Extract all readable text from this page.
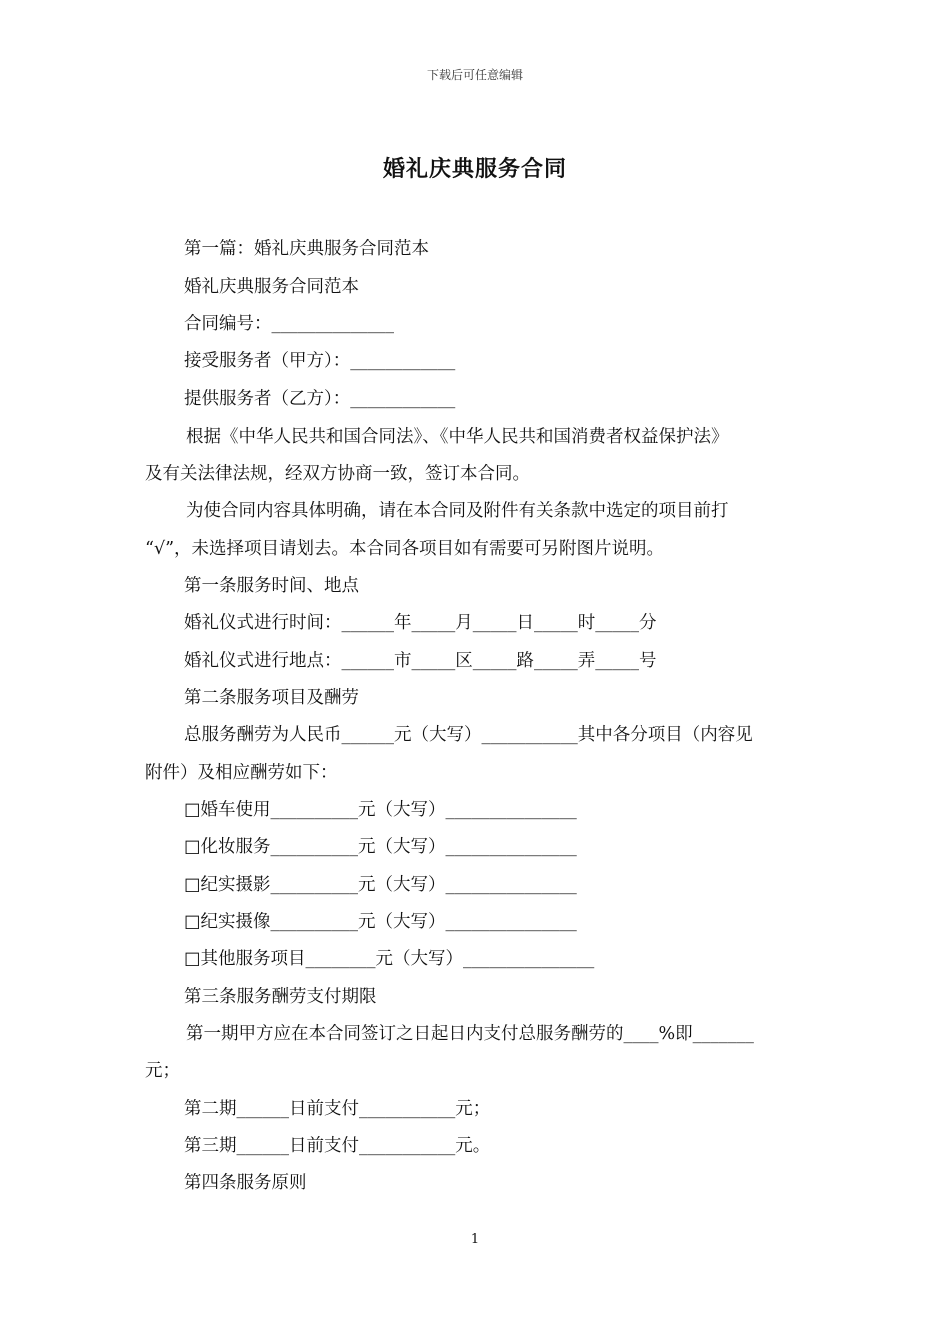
下载后可任意编辑
婚礼庆典服务合同
第一篇：婚礼庆典服务合同范本
婚礼庆典服务合同范本
合同编号：______________
接受服务者（甲方）：____________
提供服务者（乙方）：____________
根据《中华人民共和国合同法》、《中华人民共和国消费者权益保护法》
及有关法律法规，经双方协商一致，签订本合同。
为使合同内容具体明确，请在本合同及附件有关条款中选定的项目前打
“√”，未选择项目请划去。本合同各项目如有需要可另附图片说明。
第一条服务时间、地点
婚礼仪式进行时间：______年_____月_____日_____时_____分
婚礼仪式进行地点：______市_____区_____路_____弄_____号
第二条服务项目及酬劳
总服务酬劳为人民币______元（大写）___________其中各分项目（内容见
附件）及相应酬劳如下：
□婚车使用__________元（大写）_______________
□化妆服务__________元（大写）_______________
□纪实摄影__________元（大写）_______________
□纪实摄像__________元（大写）_______________
□其他服务项目________元（大写）_______________
第三条服务酬劳支付期限
第一期甲方应在本合同签订之日起日内支付总服务酬劳的____%即_______
元；
第二期______日前支付___________元；
第三期______日前支付___________元。
第四条服务原则
1
